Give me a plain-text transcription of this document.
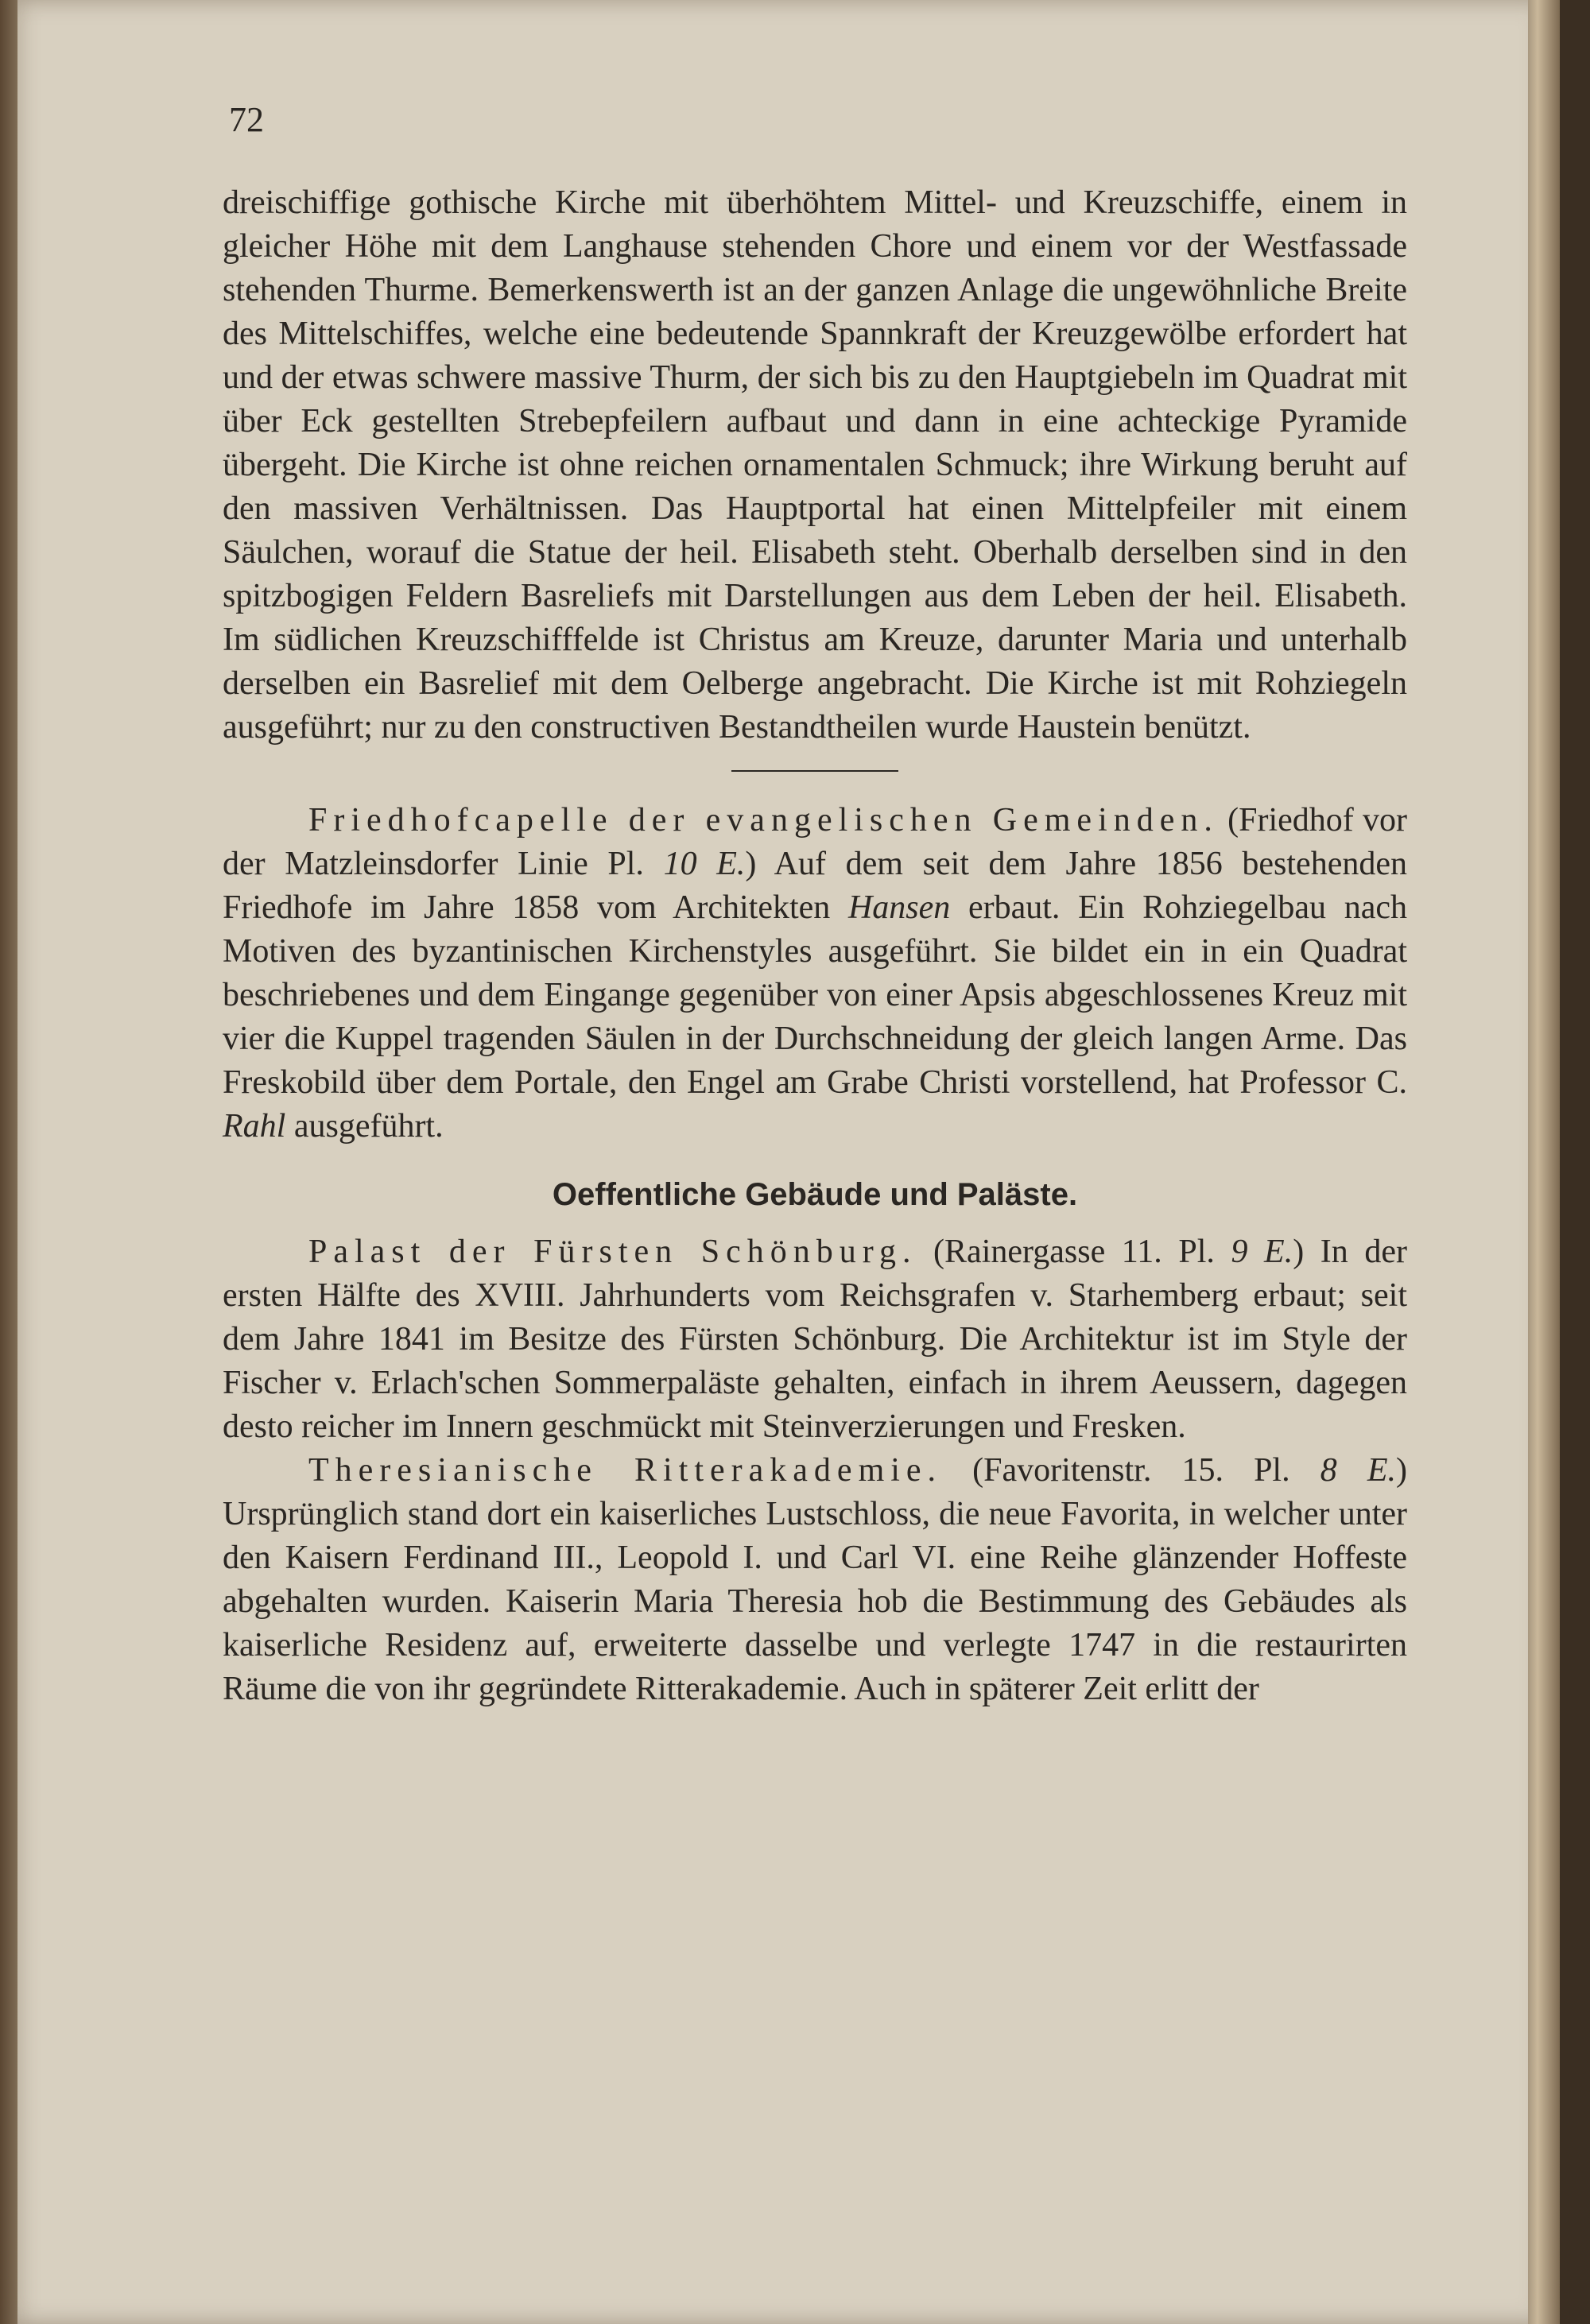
72

dreischiffige gothische Kirche mit überhöhtem Mittel- und Kreuzschiffe, einem in gleicher Höhe mit dem Langhause stehenden Chore und einem vor der Westfassade stehenden Thurme. Bemerkenswerth ist an der ganzen Anlage die ungewöhnliche Breite des Mittelschiffes, welche eine bedeutende Spannkraft der Kreuzgewölbe erfordert hat und der etwas schwere massive Thurm, der sich bis zu den Hauptgiebeln im Quadrat mit über Eck gestellten Strebepfeilern aufbaut und dann in eine achteckige Pyramide übergeht. Die Kirche ist ohne reichen ornamentalen Schmuck; ihre Wirkung beruht auf den massiven Verhältnissen. Das Hauptportal hat einen Mittelpfeiler mit einem Säulchen, worauf die Statue der heil. Elisabeth steht. Oberhalb derselben sind in den spitzbogigen Feldern Basreliefs mit Darstellungen aus dem Leben der heil. Elisabeth. Im südlichen Kreuzschifffelde ist Christus am Kreuze, darunter Maria und unterhalb derselben ein Basrelief mit dem Oelberge angebracht. Die Kirche ist mit Rohziegeln ausgeführt; nur zu den constructiven Bestandtheilen wurde Haustein benützt.

Friedhofcapelle der evangelischen Gemeinden. (Friedhof vor der Matzleinsdorfer Linie Pl. 10 E.) Auf dem seit dem Jahre 1856 bestehenden Friedhofe im Jahre 1858 vom Architekten Hansen erbaut. Ein Rohziegelbau nach Motiven des byzantinischen Kirchenstyles ausgeführt. Sie bildet ein in ein Quadrat beschriebenes und dem Eingange gegenüber von einer Apsis abgeschlossenes Kreuz mit vier die Kuppel tragenden Säulen in der Durchschneidung der gleich langen Arme. Das Freskobild über dem Portale, den Engel am Grabe Christi vorstellend, hat Professor C. Rahl ausgeführt.

Oeffentliche Gebäude und Paläste.

Palast der Fürsten Schönburg. (Rainergasse 11. Pl. 9 E.) In der ersten Hälfte des XVIII. Jahrhunderts vom Reichsgrafen v. Starhemberg erbaut; seit dem Jahre 1841 im Besitze des Fürsten Schönburg. Die Architektur ist im Style der Fischer v. Erlach'schen Sommerpaläste gehalten, einfach in ihrem Aeussern, dagegen desto reicher im Innern geschmückt mit Steinverzierungen und Fresken.

Theresianische Ritterakademie. (Favoritenstr. 15. Pl. 8 E.) Ursprünglich stand dort ein kaiserliches Lustschloss, die neue Favorita, in welcher unter den Kaisern Ferdinand III., Leopold I. und Carl VI. eine Reihe glänzender Hoffeste abgehalten wurden. Kaiserin Maria Theresia hob die Bestimmung des Gebäudes als kaiserliche Residenz auf, erweiterte dasselbe und verlegte 1747 in die restaurirten Räume die von ihr gegründete Ritterakademie. Auch in späterer Zeit erlitt der
